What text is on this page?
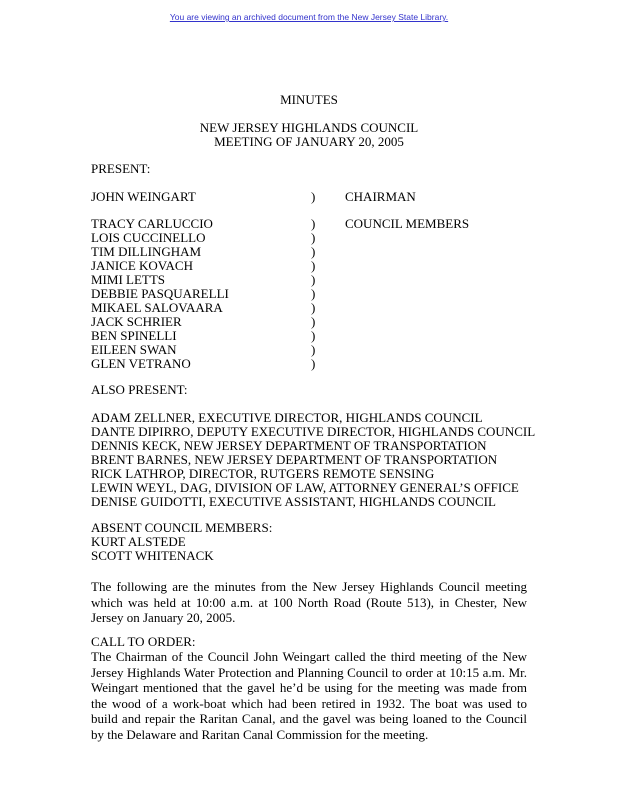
You are viewing an archived document from the New Jersey State Library.
MINUTES
NEW JERSEY HIGHLANDS COUNCIL
MEETING OF JANUARY 20, 2005
PRESENT:
JOHN WEINGART	) CHAIRMAN
TRACY CARLUCCIO
LOIS CUCCINELLO
TIM DILLINGHAM
JANICE KOVACH
MIMI LETTS
DEBBIE PASQUARELLI
MIKAEL SALOVAARA
JACK SCHRIER
BEN SPINELLI
EILEEN SWAN
GLEN VETRANO
)
)
)
)
)
)
)
)
)
)
)
COUNCIL MEMBERS
ALSO PRESENT:
ADAM ZELLNER, EXECUTIVE DIRECTOR, HIGHLANDS COUNCIL
DANTE DIPIRRO, DEPUTY EXECUTIVE DIRECTOR, HIGHLANDS COUNCIL
DENNIS KECK, NEW JERSEY DEPARTMENT OF TRANSPORTATION
BRENT BARNES, NEW JERSEY DEPARTMENT OF TRANSPORTATION
RICK LATHROP, DIRECTOR, RUTGERS REMOTE SENSING
LEWIN WEYL, DAG, DIVISION OF LAW, ATTORNEY GENERAL’S OFFICE
DENISE GUIDOTTI, EXECUTIVE ASSISTANT, HIGHLANDS COUNCIL
ABSENT COUNCIL MEMBERS:
KURT ALSTEDE
SCOTT WHITENACK

The following are the minutes from the New Jersey Highlands Council meeting which was held at 10:00 a.m. at 100 North Road (Route 513), in Chester, New Jersey on January 20, 2005.

CALL TO ORDER:

The Chairman of the Council John Weingart called the third meeting of the New Jersey Highlands Water Protection and Planning Council to order at 10:15 a.m. Mr. Weingart mentioned that the gavel he’d be using for the meeting was made from the wood of a work-boat which had been retired in 1932. The boat was used to build and repair the Raritan Canal, and the gavel was being loaned to the Council by the Delaware and Raritan Canal Commission for the meeting.
